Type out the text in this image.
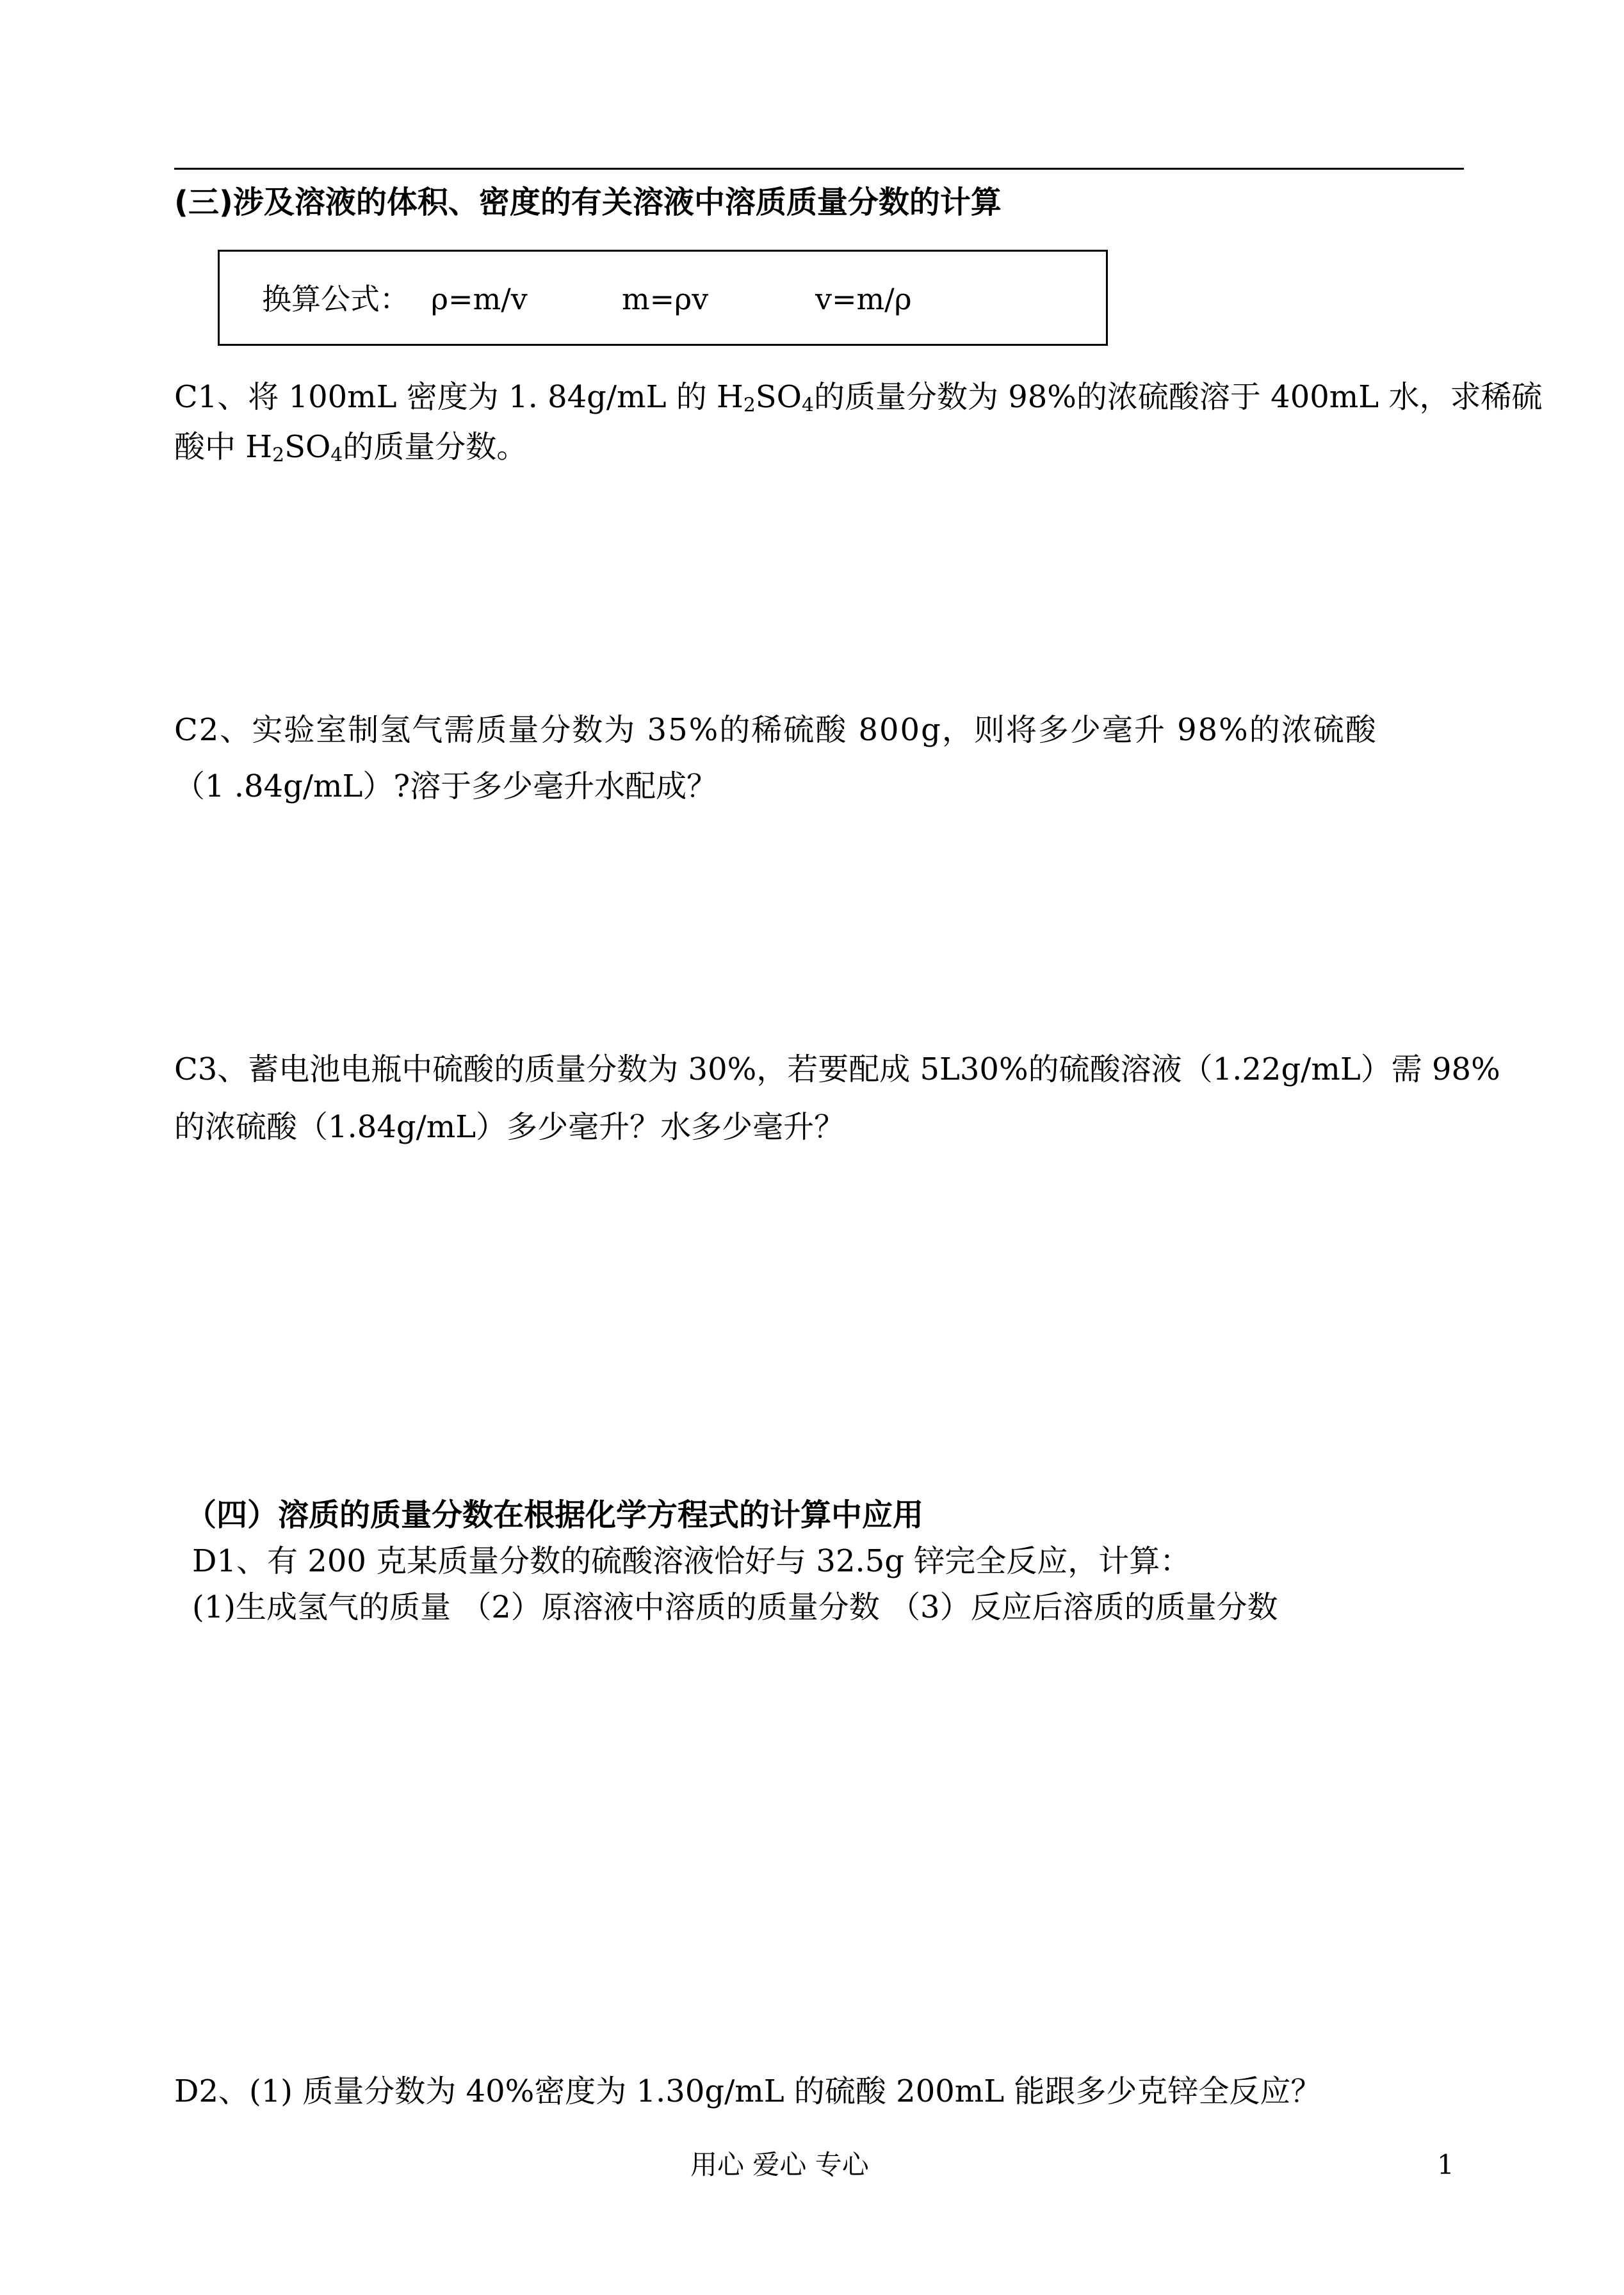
(三)涉及溶液的体积、密度的有关溶液中溶质质量分数的计算
换算公式： ρ=m/v	m=ρv	v=m/ρ
C1、将 100mL 密度为 1. 84g/mL 的 $H_2SO_4$的质量分数为 98%的浓硫酸溶于 400mL 水，求稀硫
酸中 $H_2SO_4$的质量分数。
C2、实验室制氢气需质量分数为 35%的稀硫酸 800g，则将多少毫升 98%的浓硫酸
（1 .84g/mL）?溶于多少毫升水配成？
C3、蓄电池电瓶中硫酸的质量分数为 30%，若要配成 5L30%的硫酸溶液（1.22g/mL）需 98%
的浓硫酸（1.84g/mL）多少毫升？水多少毫升？
（四）溶质的质量分数在根据化学方程式的计算中应用
D1、有 200 克某质量分数的硫酸溶液恰好与 32.5g 锌完全反应，计算：
(1)生成氢气的质量 （2）原溶液中溶质的质量分数 （3）反应后溶质的质量分数
D2、(1) 质量分数为 40%密度为 1.30g/mL 的硫酸 200mL 能跟多少克锌全反应？
用心 爱心 专心	1
